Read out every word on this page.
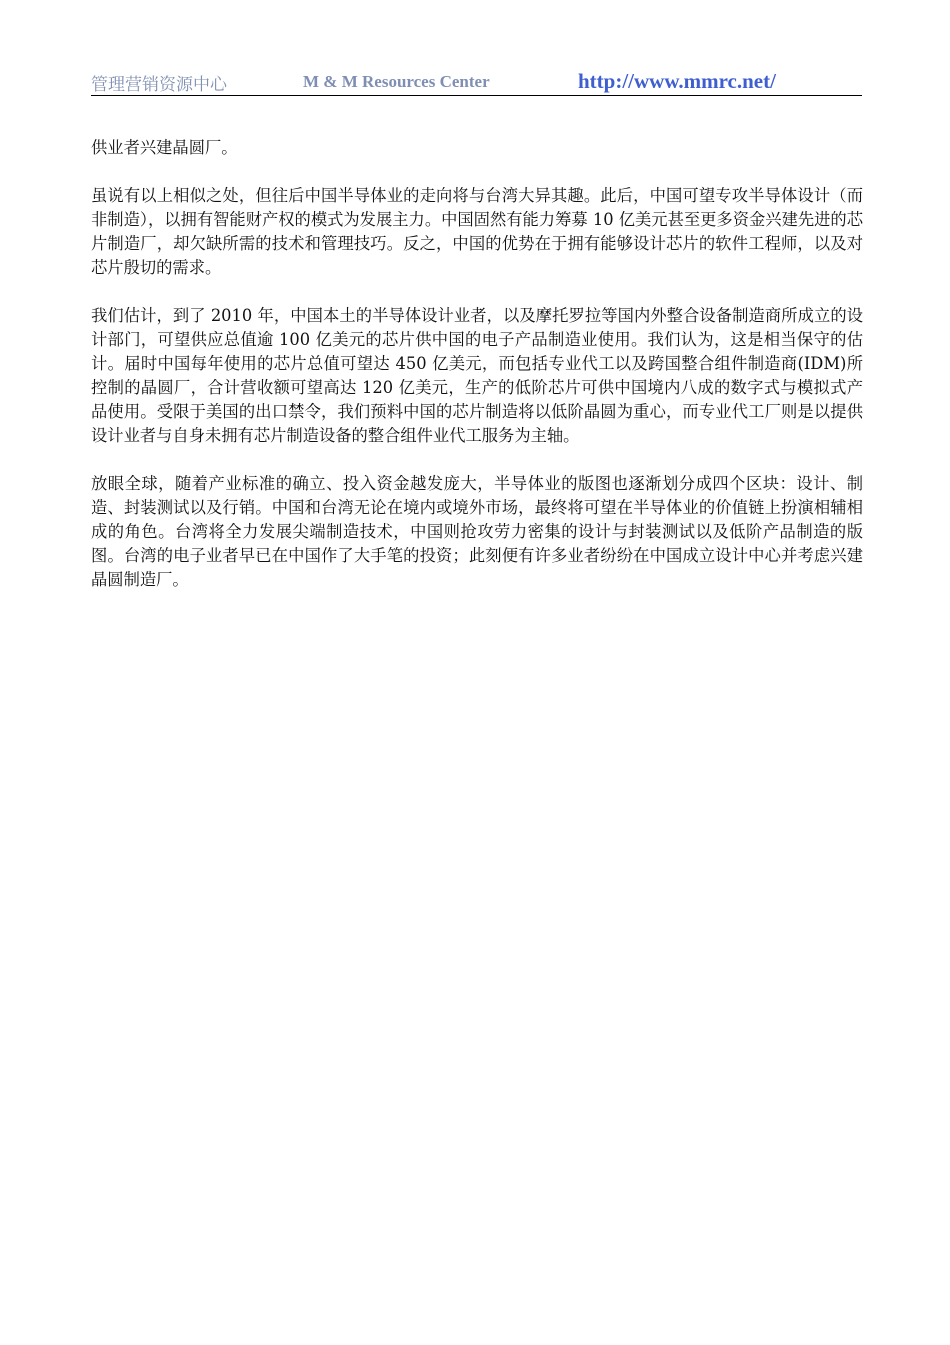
管理营销资源中心	M & M Resources Center	http://www.mmrc.net/

供业者兴建晶圆厂。

虽说有以上相似之处，但往后中国半导体业的走向将与台湾大异其趣。此后，中国可望专攻半导体设计（而非制造），以拥有智能财产权的模式为发展主力。中国固然有能力筹募 10 亿美元甚至更多资金兴建先进的芯片制造厂，却欠缺所需的技术和管理技巧。反之，中国的优势在于拥有能够设计芯片的软件工程师，以及对芯片殷切的需求。

我们估计，到了 2010 年，中国本土的半导体设计业者，以及摩托罗拉等国内外整合设备制造商所成立的设计部门，可望供应总值逾 100 亿美元的芯片供中国的电子产品制造业使用。我们认为，这是相当保守的估计。届时中国每年使用的芯片总值可望达 450 亿美元，而包括专业代工以及跨国整合组件制造商(IDM)所控制的晶圆厂，合计营收额可望高达 120 亿美元，生产的低阶芯片可供中国境内八成的数字式与模拟式产品使用。受限于美国的出口禁令，我们预料中国的芯片制造将以低阶晶圆为重心，而专业代工厂则是以提供设计业者与自身未拥有芯片制造设备的整合组件业代工服务为主轴。

放眼全球，随着产业标准的确立、投入资金越发庞大，半导体业的版图也逐渐划分成四个区块：设计、制造、封装测试以及行销。中国和台湾无论在境内或境外市场，最终将可望在半导体业的价值链上扮演相辅相成的角色。台湾将全力发展尖端制造技术，中国则抢攻劳力密集的设计与封装测试以及低阶产品制造的版图。台湾的电子业者早已在中国作了大手笔的投资；此刻便有许多业者纷纷在中国成立设计中心并考虑兴建晶圆制造厂。
